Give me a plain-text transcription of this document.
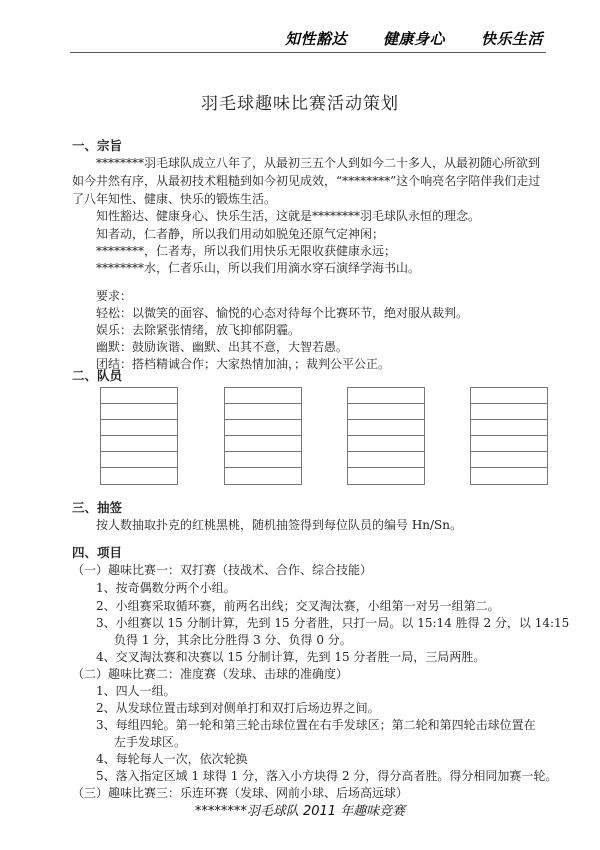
知性豁达 健康身心 快乐生活
羽毛球趣味比赛活动策划
一、宗旨
********羽毛球队成立八年了，从最初三五个人到如今二十多人，从最初随心所欲到
如今井然有序，从最初技术粗糙到如今初见成效，“********”这个响亮名字陪伴我们走过
了八年知性、健康、快乐的锻炼生活。
知性豁达、健康身心、快乐生活，这就是********羽毛球队永恒的理念。
知者动，仁者静，所以我们用动如脱兔还原气定神闲；
********，仁者寿，所以我们用快乐无限收获健康永远；
********水，仁者乐山，所以我们用滴水穿石演绎学海书山。
要求：
轻松：以微笑的面容、愉悦的心态对待每个比赛环节，绝对服从裁判。
娱乐：去除紧张情绪，放飞抑郁阴霾。
幽默：鼓励诙谐、幽默、出其不意，大智若愚。
团结：搭档精诚合作；大家热情加油，；裁判公平公正。
二、队员
三、抽签
按人数抽取扑克的红桃黑桃，随机抽签得到每位队员的编号 Hn/Sn。
四、项目
（一）趣味比赛一：双打赛（技战术、合作、综合技能）
1、按奇偶数分两个小组。
2、小组赛采取循环赛，前两名出线；交叉淘汰赛，小组第一对另一组第二。
3、小组赛以 15 分制计算，先到 15 分者胜，只打一局。以 15:14 胜得 2 分，以 14:15
负得 1 分，其余比分胜得 3 分、负得 0 分。
4、交叉淘汰赛和决赛以 15 分制计算，先到 15 分者胜一局，三局两胜。
（二）趣味比赛二：准度赛（发球、击球的准确度）
1、四人一组。
2、从发球位置击球到对侧单打和双打后场边界之间。
3、每组四轮。第一轮和第三轮击球位置在右手发球区；第二轮和第四轮击球位置在
左手发球区。
4、每轮每人一次，依次轮换
5、落入指定区域 1 球得 1 分，落入小方块得 2 分，得分高者胜。得分相同加赛一轮。
（三）趣味比赛三：乐连环赛（发球、网前小球、后场高远球）
********羽毛球队 2011 年趣味竞赛
